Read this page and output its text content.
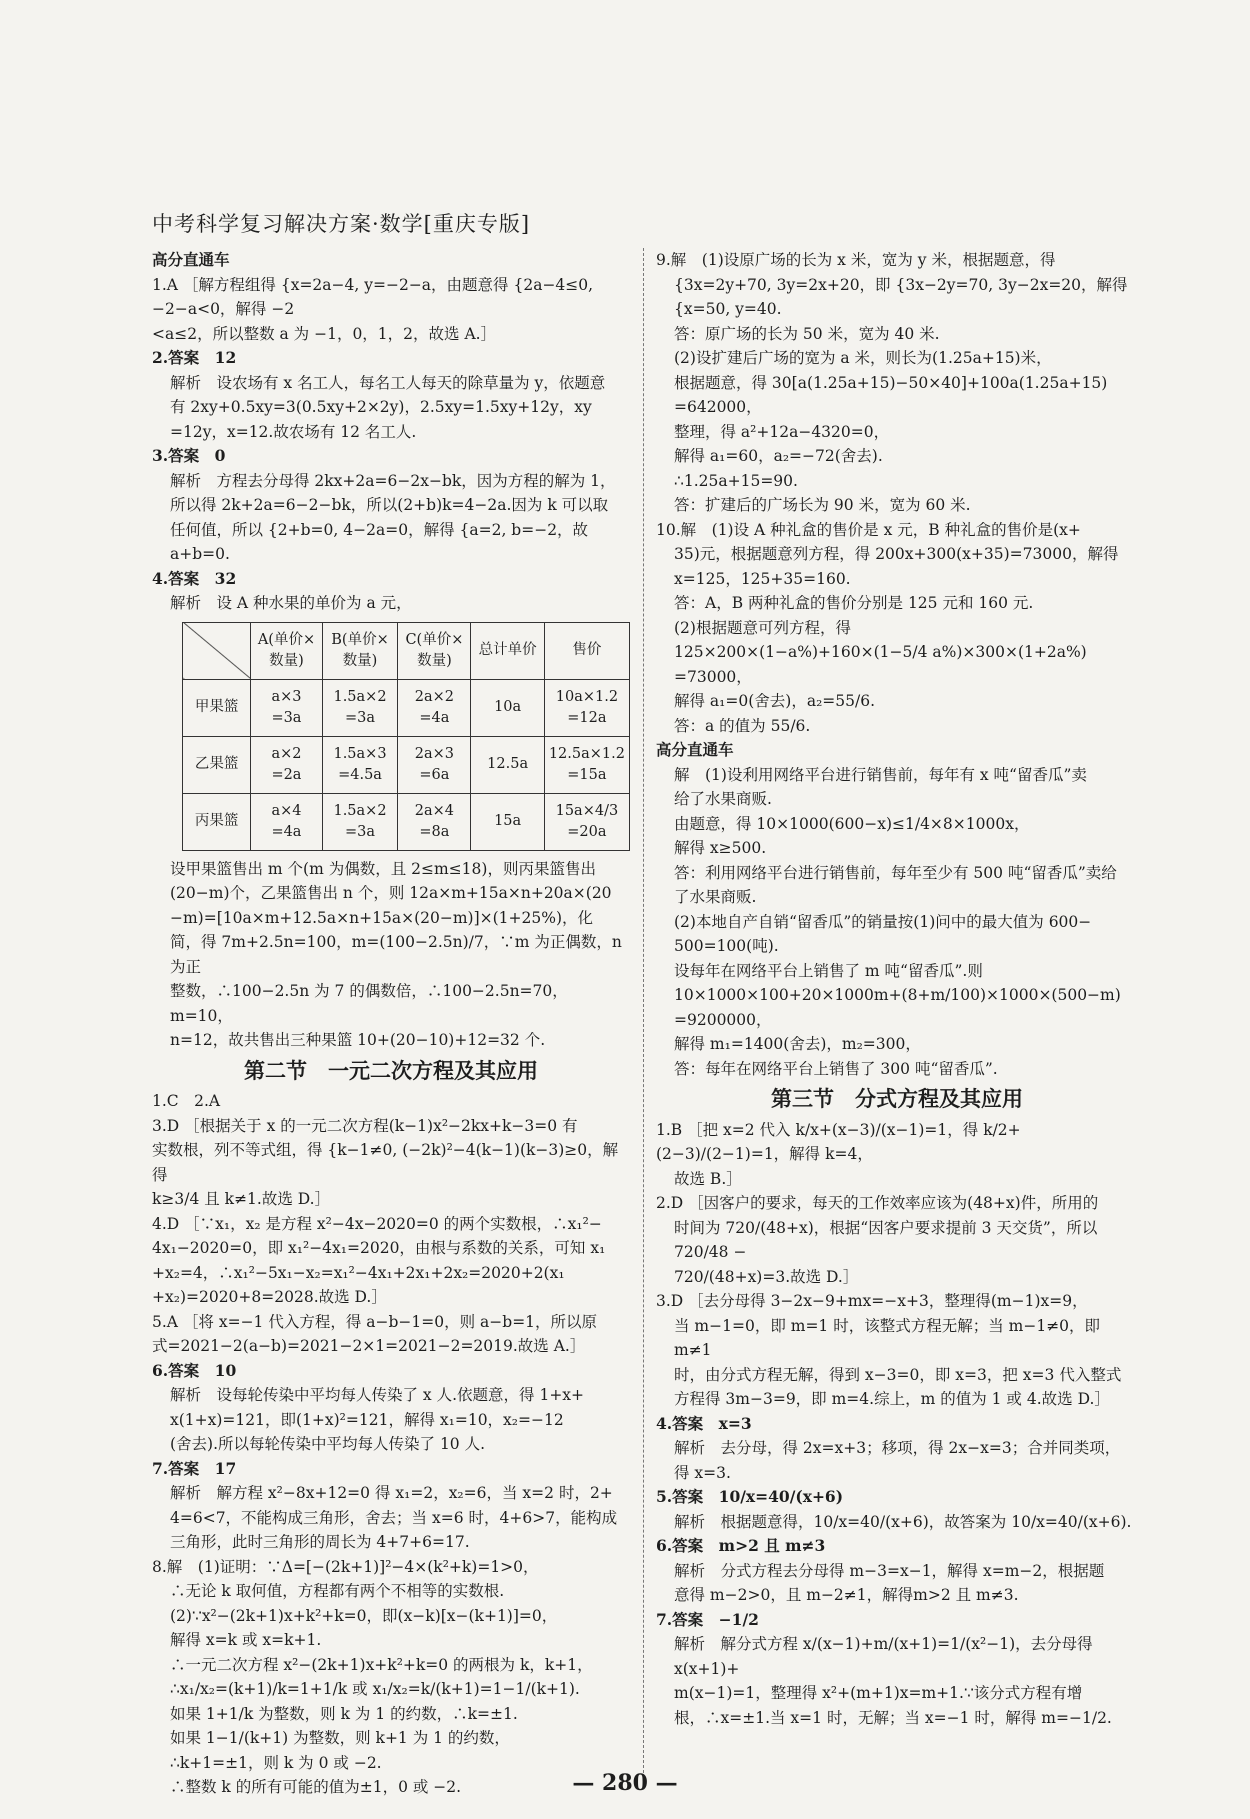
中考科学复习解决方案·数学[重庆专版]
高分直通车
1.A ［解方程组得 {x=2a−4, y=−2−a，由题意得 {2a−4≤0, −2−a<0，解得 −2
<a≤2，所以整数 a 为 −1，0，1，2，故选 A.］
2.答案　12
解析　设农场有 x 名工人，每名工人每天的除草量为 y，依题意
有 2xy+0.5xy=3(0.5xy+2×2y)，2.5xy=1.5xy+12y，xy
=12y，x=12.故农场有 12 名工人.
3.答案　0
解析　方程去分母得 2kx+2a=6−2x−bk，因为方程的解为 1，
所以得 2k+2a=6−2−bk，所以(2+b)k=4−2a.因为 k 可以取
任何值，所以 {2+b=0, 4−2a=0，解得 {a=2, b=−2，故 a+b=0.
4.答案　32
解析　设 A 种水果的单价为 a 元，
	A(单价×数量)	B(单价×数量)	C(单价×数量)	总计单价	售价
甲果篮	a×3 =3a	1.5a×2 =3a	2a×2 =4a	10a	10a×1.2 =12a
乙果篮	a×2 =2a	1.5a×3 =4.5a	2a×3 =6a	12.5a	12.5a×1.2 =15a
丙果篮	a×4 =4a	1.5a×2 =3a	2a×4 =8a	15a	15a×4/3 =20a
设甲果篮售出 m 个(m 为偶数，且 2≤m≤18)，则丙果篮售出
(20−m)个，乙果篮售出 n 个，则 12a×m+15a×n+20a×(20
−m)=[10a×m+12.5a×n+15a×(20−m)]×(1+25%)，化
简，得 7m+2.5n=100，m=(100−2.5n)/7，∵m 为正偶数，n 为正
整数，∴100−2.5n 为 7 的偶数倍，∴100−2.5n=70，m=10，
n=12，故共售出三种果篮 10+(20−10)+12=32 个.
第二节　一元二次方程及其应用
1.C　2.A
3.D ［根据关于 x 的一元二次方程(k−1)x²−2kx+k−3=0 有
实数根，列不等式组，得 {k−1≠0, (−2k)²−4(k−1)(k−3)≥0，解得
k≥3/4 且 k≠1.故选 D.］
4.D ［∵x₁，x₂ 是方程 x²−4x−2020=0 的两个实数根，∴x₁²−
4x₁−2020=0，即 x₁²−4x₁=2020，由根与系数的关系，可知 x₁
+x₂=4，∴x₁²−5x₁−x₂=x₁²−4x₁+2x₁+2x₂=2020+2(x₁
+x₂)=2020+8=2028.故选 D.］
5.A ［将 x=−1 代入方程，得 a−b−1=0，则 a−b=1，所以原
式=2021−2(a−b)=2021−2×1=2021−2=2019.故选 A.］
6.答案　10
解析　设每轮传染中平均每人传染了 x 人.依题意，得 1+x+
x(1+x)=121，即(1+x)²=121，解得 x₁=10，x₂=−12
(舍去).所以每轮传染中平均每人传染了 10 人.
7.答案　17
解析　解方程 x²−8x+12=0 得 x₁=2，x₂=6，当 x=2 时，2+
4=6<7，不能构成三角形，舍去；当 x=6 时，4+6>7，能构成
三角形，此时三角形的周长为 4+7+6=17.
8.解　(1)证明：∵Δ=[−(2k+1)]²−4×(k²+k)=1>0，
∴无论 k 取何值，方程都有两个不相等的实数根.
(2)∵x²−(2k+1)x+k²+k=0，即(x−k)[x−(k+1)]=0，
解得 x=k 或 x=k+1.
∴一元二次方程 x²−(2k+1)x+k²+k=0 的两根为 k，k+1，
∴x₁/x₂=(k+1)/k=1+1/k 或 x₁/x₂=k/(k+1)=1−1/(k+1).
如果 1+1/k 为整数，则 k 为 1 的约数，∴k=±1.
如果 1−1/(k+1) 为整数，则 k+1 为 1 的约数，
∴k+1=±1，则 k 为 0 或 −2.
∴整数 k 的所有可能的值为±1，0 或 −2.
9.解　(1)设原广场的长为 x 米，宽为 y 米，根据题意，得
{3x=2y+70, 3y=2x+20，即 {3x−2y=70, 3y−2x=20，解得 {x=50, y=40.
答：原广场的长为 50 米，宽为 40 米.
(2)设扩建后广场的宽为 a 米，则长为(1.25a+15)米，
根据题意，得 30[a(1.25a+15)−50×40]+100a(1.25a+15)
=642000，
整理，得 a²+12a−4320=0，
解得 a₁=60，a₂=−72(舍去).
∴1.25a+15=90.
答：扩建后的广场长为 90 米，宽为 60 米.
10.解　(1)设 A 种礼盒的售价是 x 元，B 种礼盒的售价是(x+
35)元，根据题意列方程，得 200x+300(x+35)=73000，解得
x=125，125+35=160.
答：A，B 两种礼盒的售价分别是 125 元和 160 元.
(2)根据题意可列方程，得
125×200×(1−a%)+160×(1−5/4 a%)×300×(1+2a%)
=73000，
解得 a₁=0(舍去)，a₂=55/6.
答：a 的值为 55/6.
高分直通车
解　(1)设利用网络平台进行销售前，每年有 x 吨“留香瓜”卖
给了水果商贩.
由题意，得 10×1000(600−x)≤1/4×8×1000x，
解得 x≥500.
答：利用网络平台进行销售前，每年至少有 500 吨“留香瓜”卖给
了水果商贩.
(2)本地自产自销“留香瓜”的销量按(1)问中的最大值为 600−
500=100(吨).
设每年在网络平台上销售了 m 吨“留香瓜”.则
10×1000×100+20×1000m+(8+m/100)×1000×(500−m)
=9200000，
解得 m₁=1400(舍去)，m₂=300，
答：每年在网络平台上销售了 300 吨“留香瓜”.
第三节　分式方程及其应用
1.B ［把 x=2 代入 k/x+(x−3)/(x−1)=1，得 k/2+(2−3)/(2−1)=1，解得 k=4，
故选 B.］
2.D ［因客户的要求，每天的工作效率应该为(48+x)件，所用的
时间为 720/(48+x)，根据“因客户要求提前 3 天交货”，所以 720/48 −
720/(48+x)=3.故选 D.］
3.D ［去分母得 3−2x−9+mx=−x+3，整理得(m−1)x=9，
当 m−1=0，即 m=1 时，该整式方程无解；当 m−1≠0，即 m≠1
时，由分式方程无解，得到 x−3=0，即 x=3，把 x=3 代入整式
方程得 3m−3=9，即 m=4.综上，m 的值为 1 或 4.故选 D.］
4.答案　x=3
解析　去分母，得 2x=x+3；移项，得 2x−x=3；合并同类项，
得 x=3.
5.答案　10/x=40/(x+6)
解析　根据题意得，10/x=40/(x+6)，故答案为 10/x=40/(x+6).
6.答案　m>2 且 m≠3
解析　分式方程去分母得 m−3=x−1，解得 x=m−2，根据题
意得 m−2>0，且 m−2≠1，解得m>2 且 m≠3.
7.答案　−1/2
解析　解分式方程 x/(x−1)+m/(x+1)=1/(x²−1)，去分母得 x(x+1)+
m(x−1)=1，整理得 x²+(m+1)x=m+1.∵该分式方程有增
根，∴x=±1.当 x=1 时，无解；当 x=−1 时，解得 m=−1/2.
— 280 —
